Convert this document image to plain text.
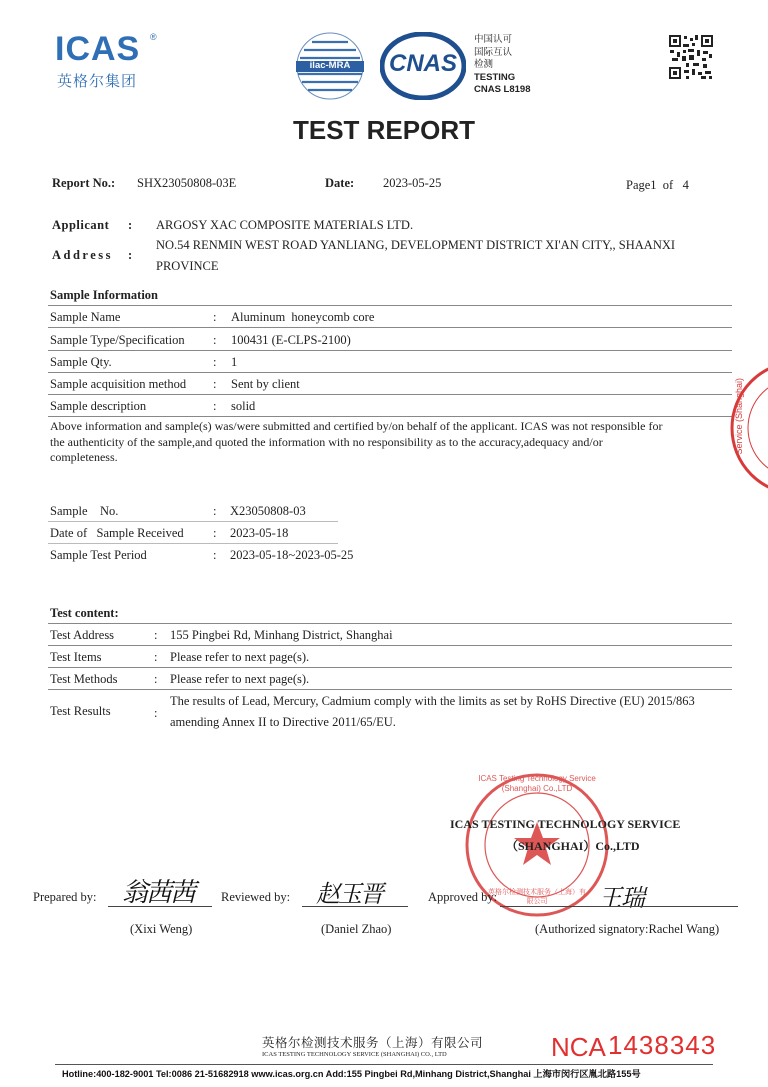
ICAS ®
英格尔集团
ilac-MRA	CNAS
中国认可
国际互认
检测
TESTING
CNAS L8198
TEST REPORT
Report No.: SHX23050808-03E	Date: 2023-05-25	Page1  of   4
Applicant : ARGOSY XAC COMPOSITE MATERIALS LTD.
Address :
NO.54 RENMIN WEST ROAD YANLIANG, DEVELOPMENT DISTRICT XI'AN CITY,, SHAANXI
PROVINCE
Sample Information
Sample Name	: Aluminum  honeycomb core
Sample Type/Specification : 100431 (E-CLPS-2100)
Sample Qty.	: 1
Sample acquisition method : Sent by client
Sample description	: solid
Above information and sample(s) was/were submitted and certified by/on behalf of the applicant. ICAS was not responsible for
the authenticity of the sample,and quoted the information with no responsibility as to the accuracy,adequacy and/or
completeness.
Sample    No.	: X23050808-03
Date of   Sample Received : 2023-05-18
Sample Test Period	: 2023-05-18~2023-05-25
Test content:
Test Address	: 155 Pingbei Rd, Minhang District, Shanghai
Test Items	: Please refer to next page(s).
Test Methods	: Please refer to next page(s).
Test Results	:
The results of Lead, Mercury, Cadmium comply with the limits as set by RoHS Directive (EU) 2015/863
amending Annex II to Directive 2011/65/EU.
ICAS Testing Technology Service (Shanghai) Co.,LTD
英格尔检测技术服务（上海）有限公司
Service (Shanghai)
ICAS TESTING TECHNOLOGY SERVICE
（SHANGHAI）Co.,LTD
Prepared by: 翁茜茜
(Xixi Weng)
Reviewed by: 赵玉晋
(Daniel Zhao)
Approved by:	王瑞
(Authorized signatory:Rachel Wang)
英格尔检测技术服务（上海）有限公司
ICAS TESTING TECHNOLOGY SERVICE (SHANGHAI) CO., LTD	NCA 1438343
Hotline:400-182-9001 Tel:0086 21-51682918 www.icas.org.cn Add:155 Pingbei Rd,Minhang District,Shanghai 上海市闵行区胤北路155号
